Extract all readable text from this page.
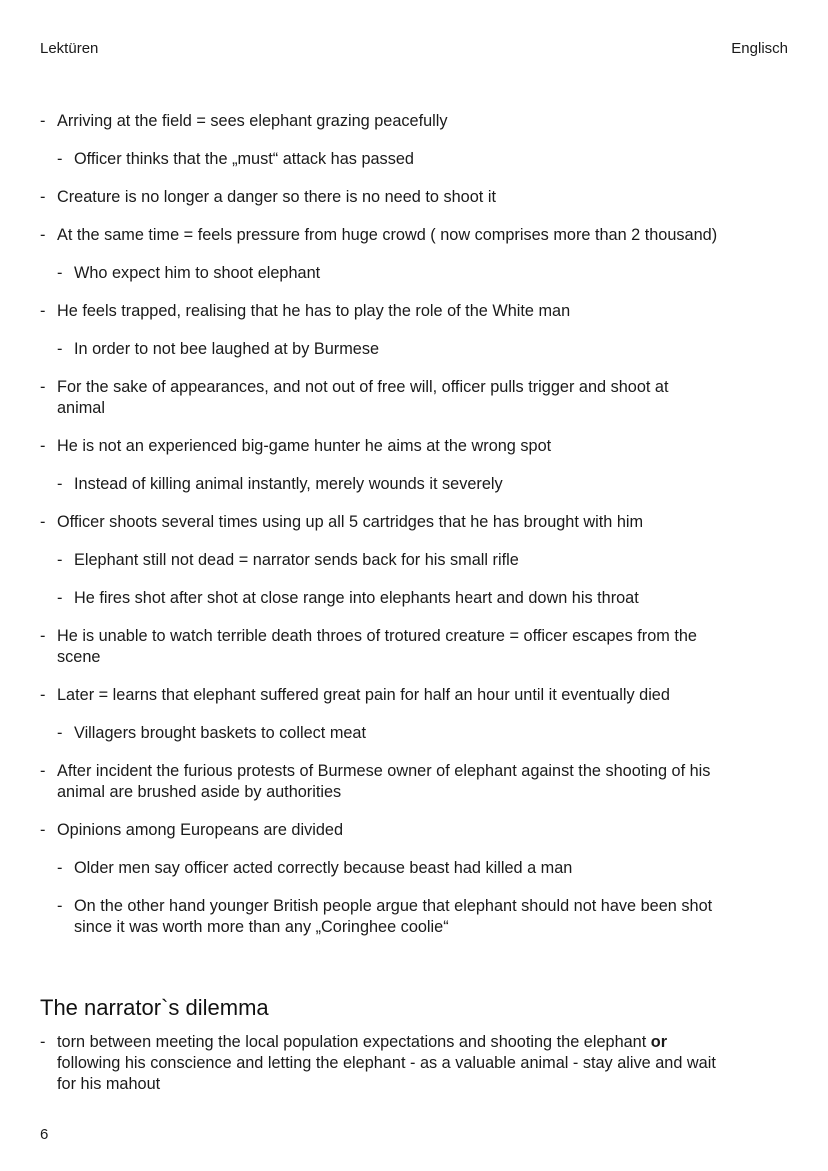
Lektüren	Englisch
- Arriving at the field = sees elephant grazing peacefully
- Officer thinks that the „must“ attack has passed
- Creature is no longer a danger so there is no need to shoot it
- At the same time = feels pressure from huge crowd ( now comprises more than 2 thousand)
- Who expect him to shoot elephant
- He feels trapped, realising that he has to play the role of the White man
- In order to not bee laughed at by Burmese
- For the sake of appearances, and not out of free will, officer pulls trigger and shoot at
animal
- He is not an experienced big-game hunter he aims at the wrong spot
- Instead of killing animal instantly, merely wounds it severely
- Officer shoots several times using up all 5 cartridges that he has brought with him
- Elephant still not dead = narrator sends back for his small rifle
- He fires shot after shot at close range into elephants heart and down his throat
- He is unable to watch terrible death throes of trotured creature = officer escapes from the
scene
- Later = learns that elephant suffered great pain for half an hour until it eventually died
- Villagers brought baskets to collect meat
- After incident the furious protests of Burmese owner of elephant against the shooting of his
animal are brushed aside by authorities
- Opinions among Europeans are divided
- Older men say officer acted correctly because beast had killed a man
- On the other hand younger British people argue that elephant should not have been shot
since it was worth more than any „Coringhee coolie“
The narrator`s dilemma
- torn between meeting the local population expectations and shooting the elephant or
following his conscience and letting the elephant - as a valuable animal - stay alive and wait
for his mahout
6
